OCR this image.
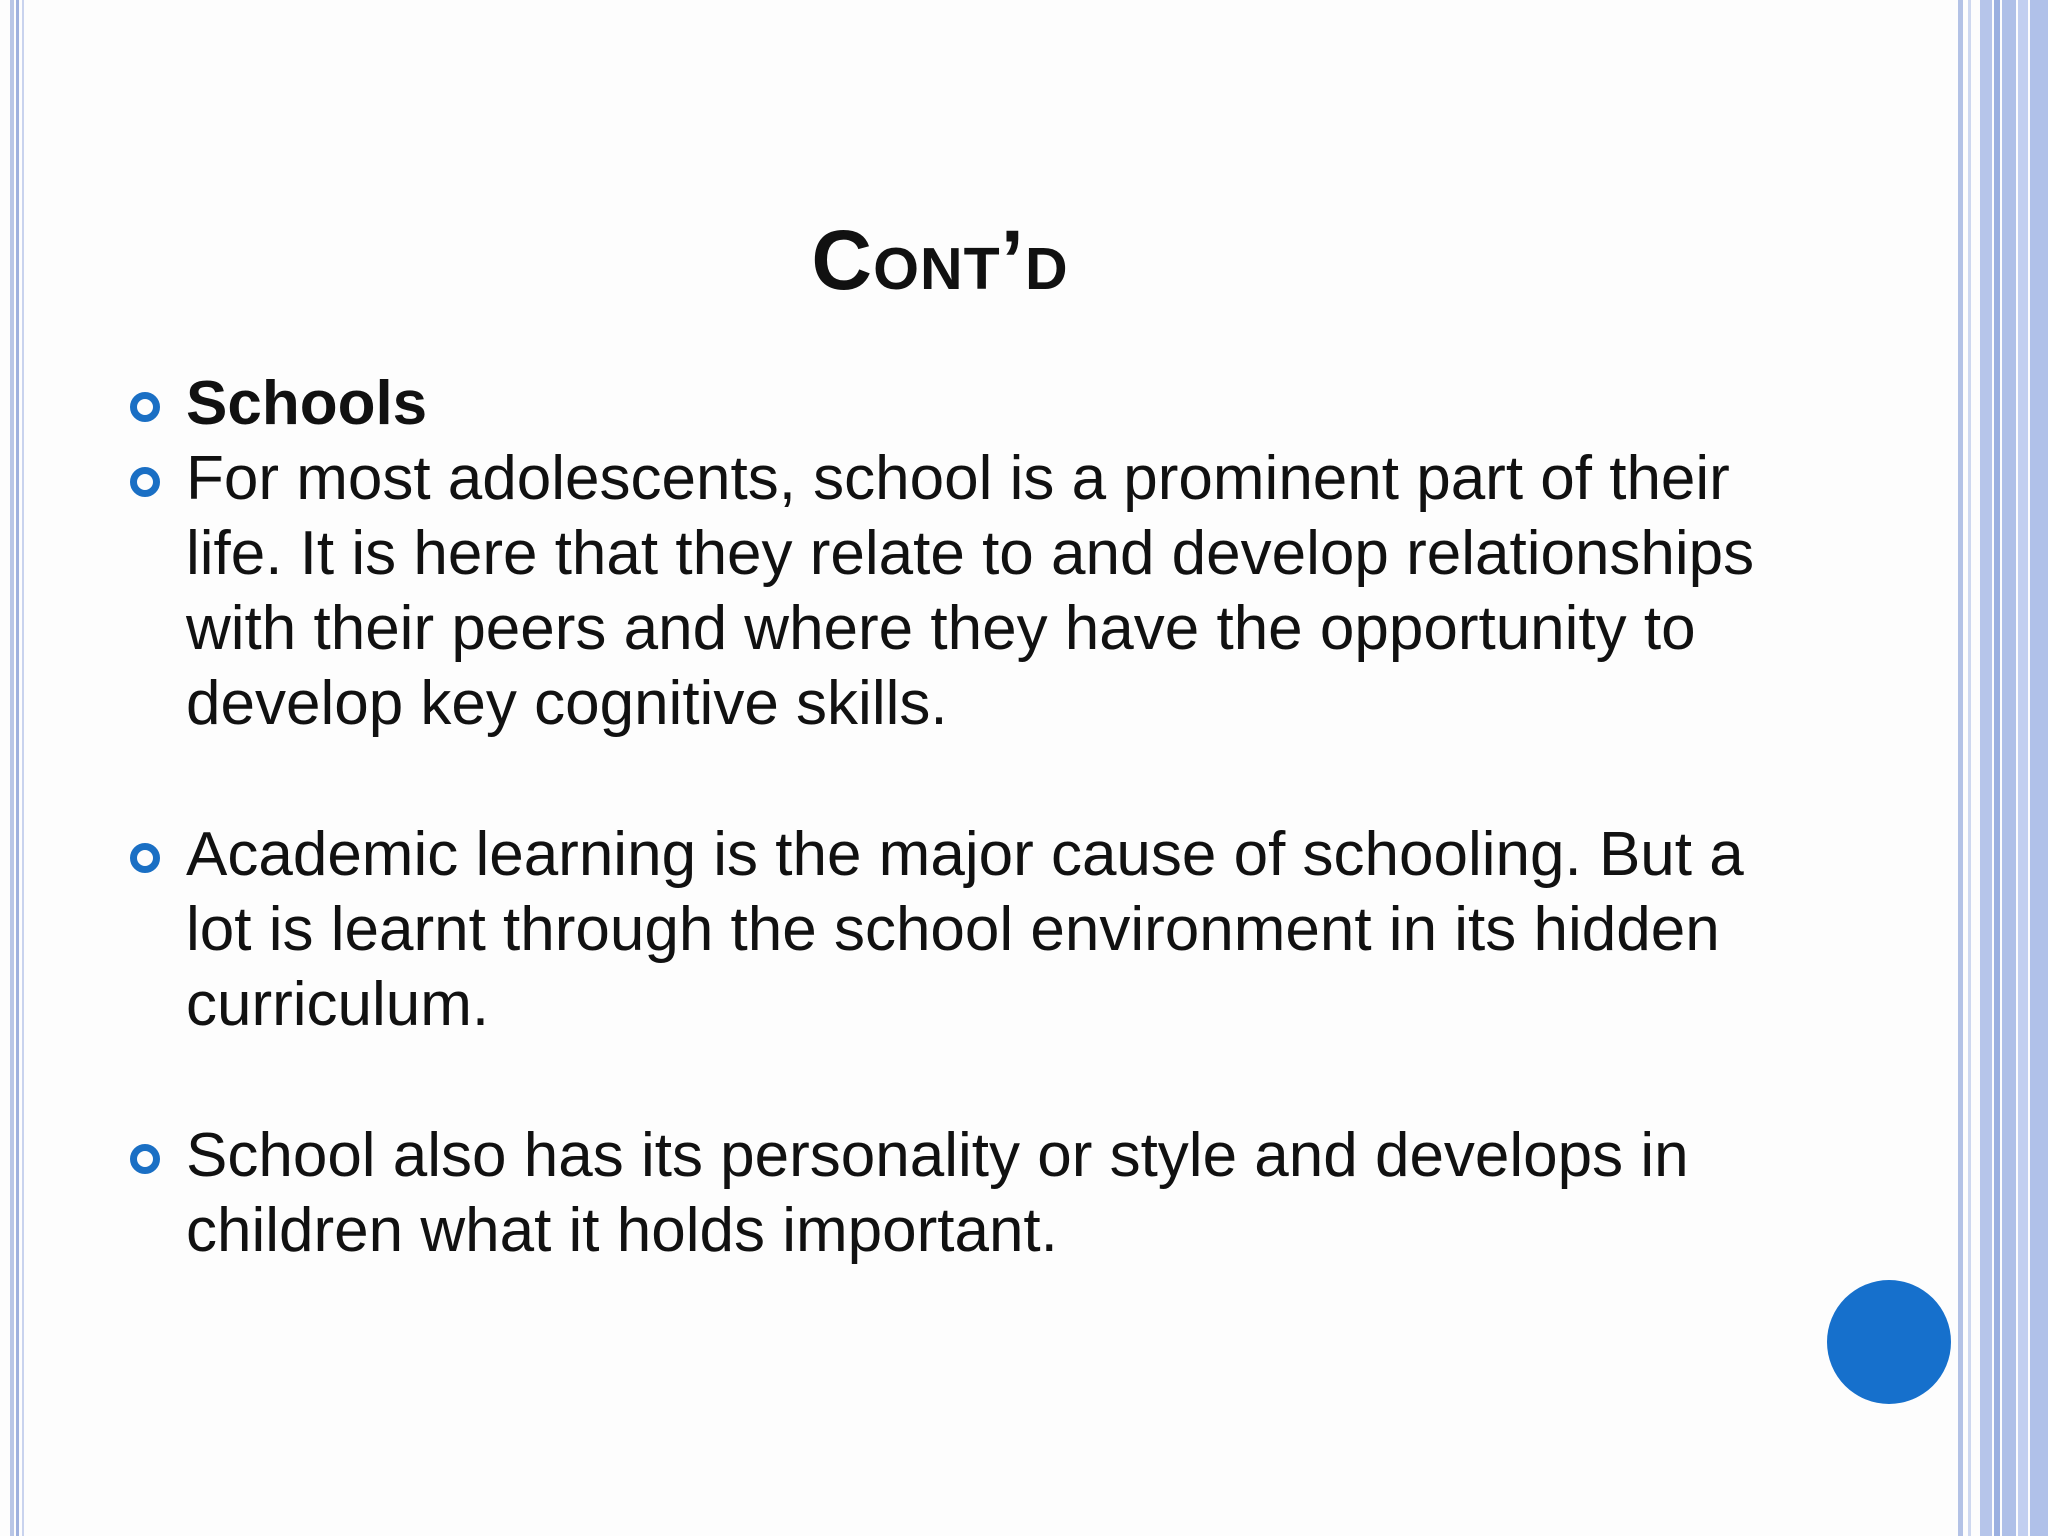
Cont’d
Schools
For most adolescents, school is a prominent part of their life. It is here that they relate to and develop relationships with their peers and where they have the opportunity to develop key cognitive skills.
Academic learning is the major cause of schooling. But a lot is learnt through the school environment in its hidden curriculum.
School also has its personality or style and develops in children what it holds important.
